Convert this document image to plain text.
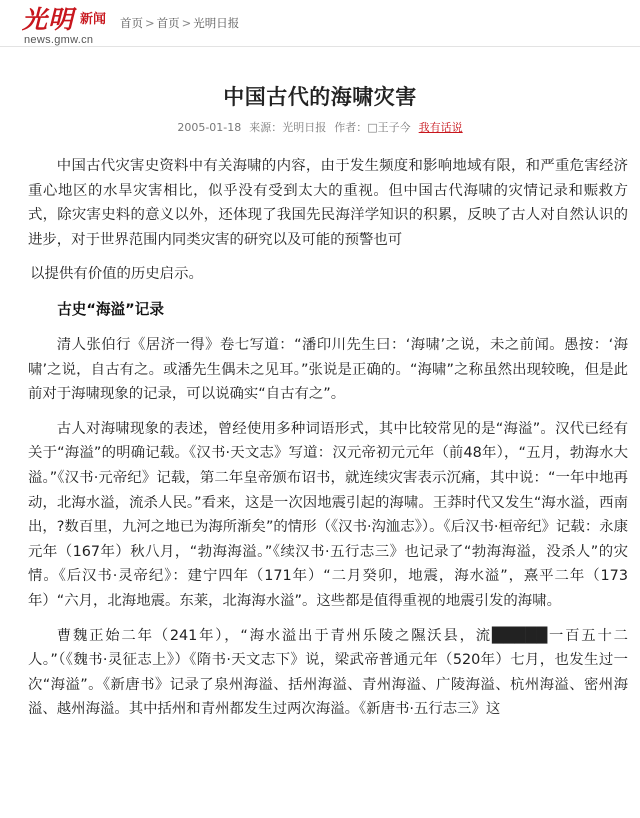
光明 新闻
news.gmw.cn
首页 > 首页 > 光明日报
中国古代的海啸灾害
2005-01-18 来源：光明日报 作者：□王子今 我有话说

中国古代灾害史资料中有关海啸的内容，由于发生频度和影响地域有限，和严重危害经济重心地区的水旱灾害相比，似乎没有受到太大的重视。但中国古代海啸的灾情记录和赈救方式，除灾害史料的意义以外，还体现了我国先民海洋学知识的积累，反映了古人对自然认识的进步，对于世界范围内同类灾害的研究以及可能的预警也可

以提供有价值的历史启示。

古史“海溢”记录

清人张伯行《居济一得》卷七写道：“潘印川先生曰：‘海啸’之说，未之前闻。愚按：‘海啸’之说，自古有之。或潘先生偶未之见耳。”张说是正确的。“海啸”之称虽然出现较晚，但是此前对于海啸现象的记录，可以说确实“自古有之”。

古人对海啸现象的表述，曾经使用多种词语形式，其中比较常见的是“海溢”。汉代已经有关于“海溢”的明确记载。《汉书·天文志》写道：汉元帝初元元年（前48年），“五月，勃海水大溢。”《汉书·元帝纪》记载，第二年皇帝颁布诏书，就连续灾害表示沉痛，其中说：“一年中地再动，北海水溢，流杀人民。”看来，这是一次因地震引起的海啸。王莽时代又发生“海水溢，西南出，?数百里，九河之地已为海所渐矣”的情形（《汉书·沟洫志》）。《后汉书·桓帝纪》记载：永康元年（167年）秋八月，“勃海海溢。”《续汉书·五行志三》也记录了“勃海海溢，没杀人”的灾情。《后汉书·灵帝纪》：建宁四年（171年）“二月癸卯，地震，海水溢”，熹平二年（173年）“六月，北海地震。东莱，北海海水溢”。这些都是值得重视的地震引发的海啸。

曹魏正始二年（241年），“海水溢出于青州乐陵之隰沃县，流█████一百五十二人。”（《魏书·灵征志上》）《隋书·天文志下》说，梁武帝普通元年（520年）七月，也发生过一次“海溢”。《新唐书》记录了泉州海溢、括州海溢、青州海溢、广陵海溢、杭州海溢、密州海溢、越州海溢。其中括州和青州都发生过两次海溢。《新唐书·五行志三》这
